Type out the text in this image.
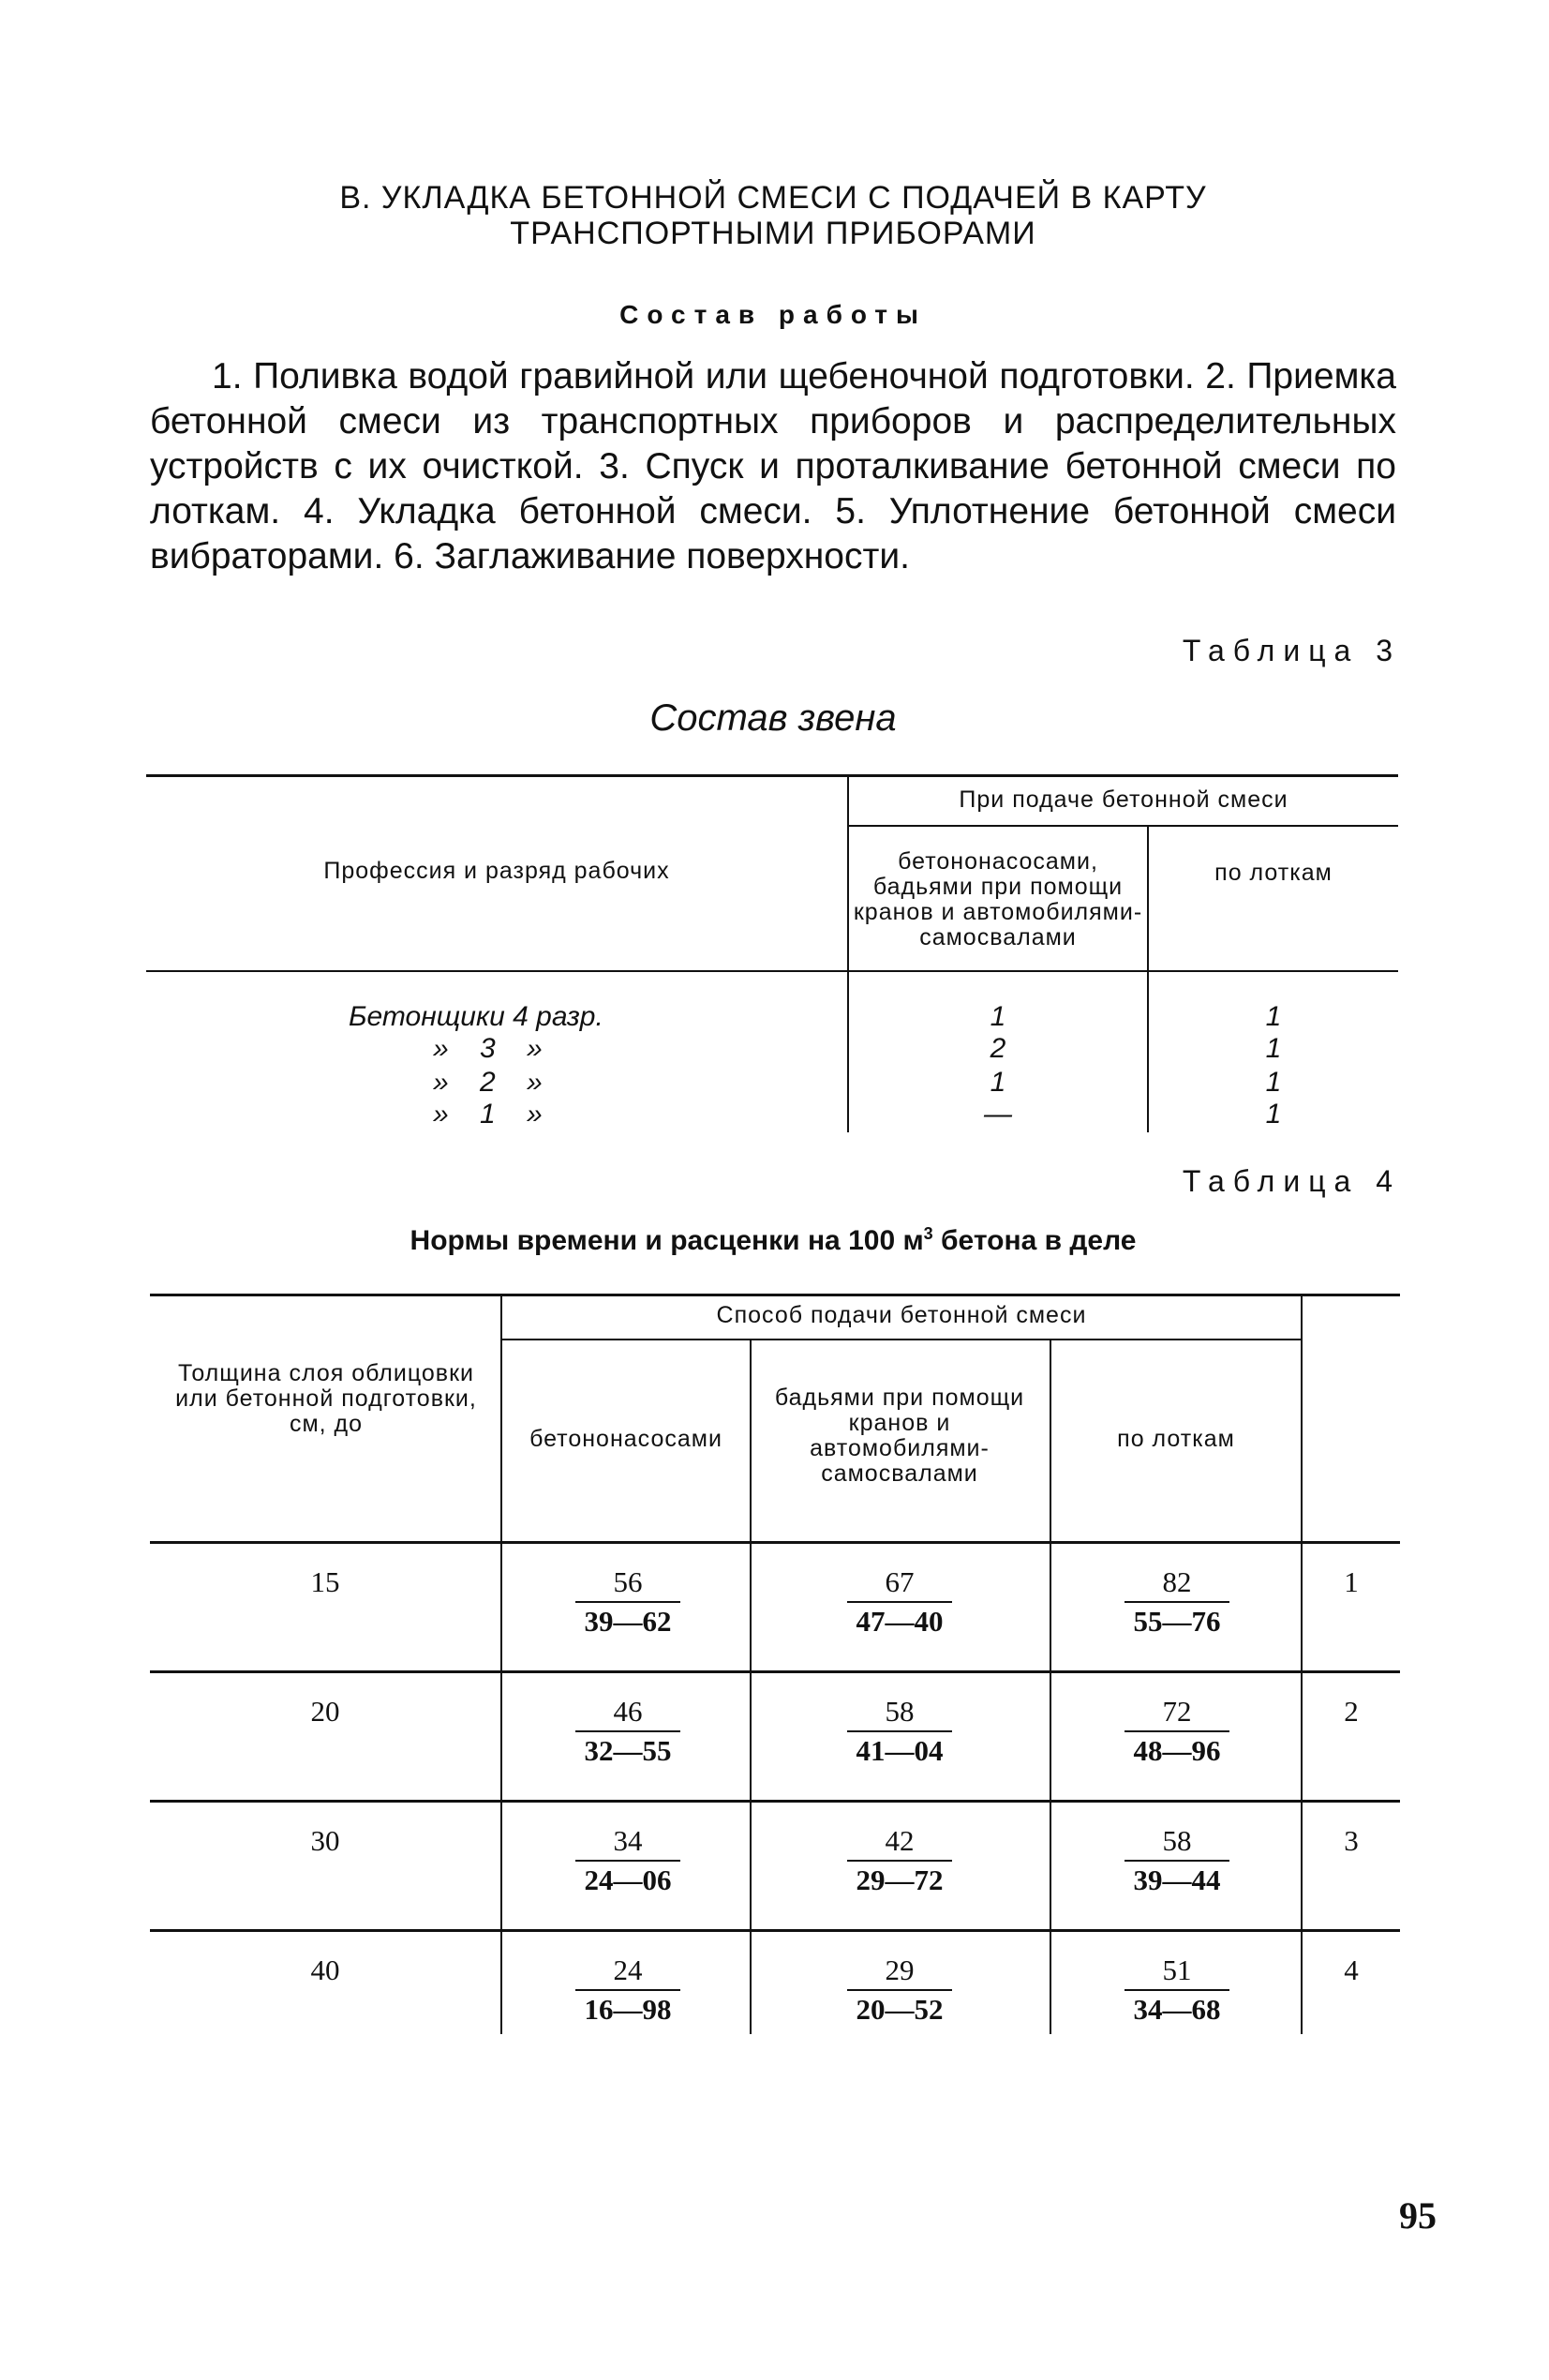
В. УКЛАДКА БЕТОННОЙ СМЕСИ С ПОДАЧЕЙ В КАРТУ
ТРАНСПОРТНЫМИ ПРИБОРАМИ
Состав работы
1. Поливка водой гравийной или щебеночной подготовки. 2. Приемка бетонной смеси из транспортных приборов и распределительных устройств с их очисткой. 3. Спуск и проталкивание бетонной смеси по лоткам. 4. Укладка бетонной смеси. 5. Уплотнение бетонной смеси вибраторами. 6. Заглаживание поверхности.
Таблица 3
Состав звена
Профессия и разряд рабочих
При подаче бетонной смеси
бетононасосами, бадьями при помощи кранов и автомобилями-самосвалами
по лоткам
Бетонщики 4 разр.	1	1
»    3    »	2	1
»    2    »	1	1
»    1    »	—	1
Таблица 4
Нормы времени и расценки на 100 $м^3$ бетона в деле
Толщина слоя облицовки или бетонной подготовки, см, до
Способ подачи бетонной смеси
бетононасосами
бадьями при помощи кранов и автомобилями-самосвалами
по лоткам
15	$\frac{56}{39—62}$	$\frac{67}{47—40}$	$\frac{82}{55—76}$	1
20	$\frac{46}{32—55}$	$\frac{58}{41—04}$	$\frac{72}{48—96}$	2
30	$\frac{34}{24—06}$	$\frac{42}{29—72}$	$\frac{58}{39—44}$	3
40	$\frac{24}{16—98}$	$\frac{29}{20—52}$	$\frac{51}{34—68}$	4
95
